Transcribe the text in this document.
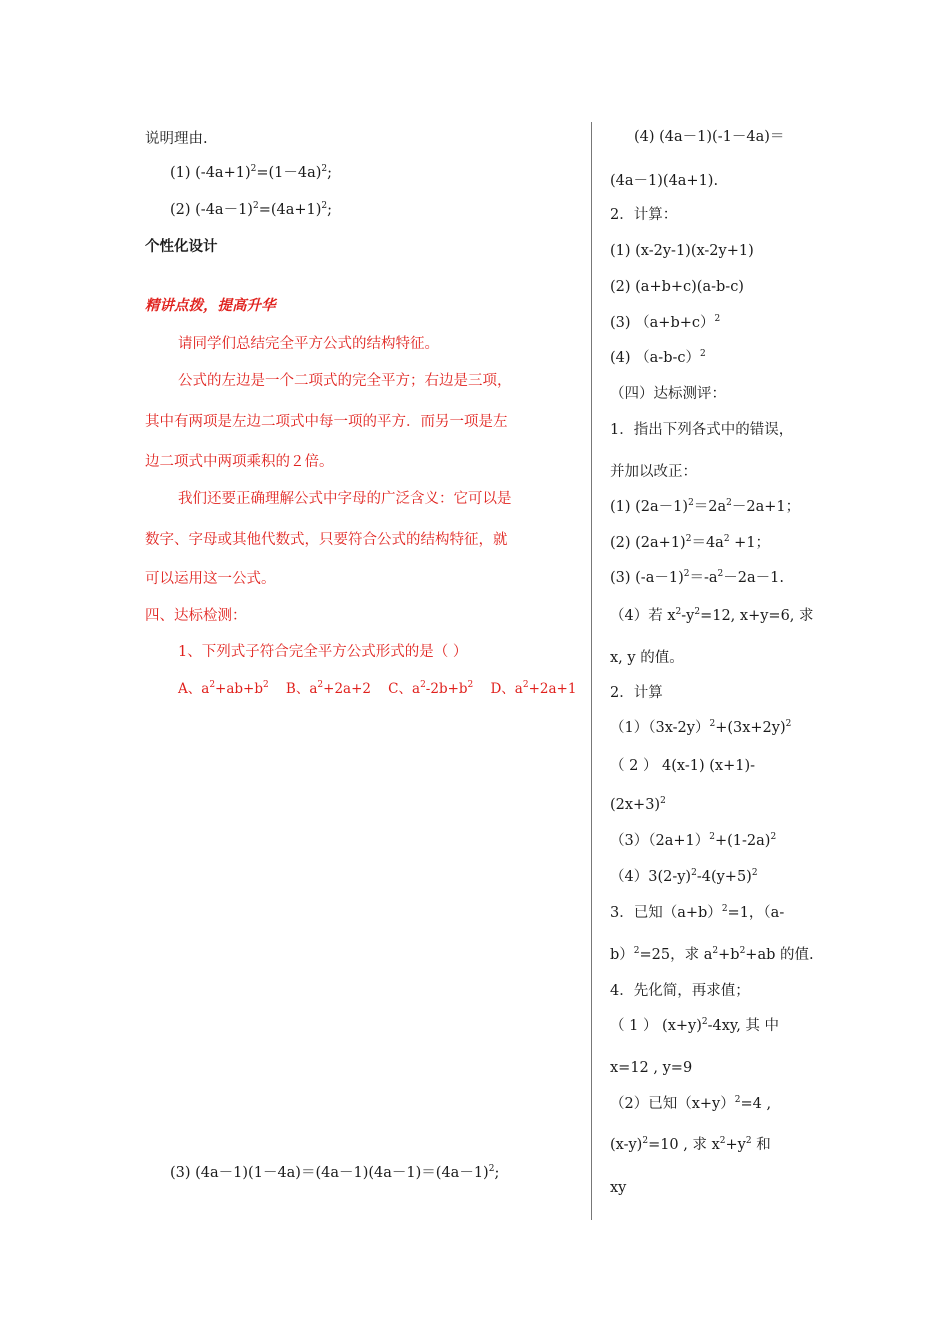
说明理由.
(1) $(-4a+1)^2=(1-4a)^2$;
(2) $(-4a-1)^2=(4a+1)^2$;
个性化设计
精讲点拨，提高升华
请同学们总结完全平方公式的结构特征。
公式的左边是一个二项式的完全平方；右边是三项，
其中有两项是左边二项式中每一项的平方．而另一项是左
边二项式中两项乘积的２倍。
我们还要正确理解公式中字母的广泛含义：它可以是
数字、字母或其他代数式，只要符合公式的结构特征，就
可以运用这一公式。
四、达标检测：
1、下列式子符合完全平方公式形式的是（ ）
A、$a^2+ab+b^2$ B、$a^2+2a+2$ C、$a^2-2b+b^2$ D、$a^2+2a+1$
(3) $(4a-1)(1-4a)=(4a-1)(4a-1)=(4a-1)^2$;
(4) (4a－1)(-1－4a)＝
(4a－1)(4a+1).
2．计算：
(1) (x-2y-1)(x-2y+1)
(2) (a+b+c)(a-b-c)
(3) $(a+b+c)^2$
(4) $(a-b-c)^2$
（四）达标测评：
1．指出下列各式中的错误，
并加以改正：
(1) $(2a-1)^2=2a^2-2a+1$；
(2) $(2a+1)^2=4a^2 +1$；
(3) $(-a-1)^2=-a^2-2a-1$.
（4）若 $x^2-y^2=12$, x+y=6, 求
x, y 的值。
2．计算
$(1)(3x-2y)^2+(3x+2y)^2$
（ 2 ） 4(x-1) (x+1)-
$(2x+3)^2$
$(3)(2a+1)^2+(1-2a)^2$
$(4)3(2-y)^2-4(y+5)^2$
3．已知$(a+b)^2=1$，（a-
b）$^2$=25，求 $a^2+b^2+ab$ 的值.
4．先化简，再求值；
（ 1 ） $(x+y)^2-4xy$, 其 中
x=12 , y=9
（2）已知$(x+y)^2=4$ ,
$(x-y)^2=10$ , 求 $x^2+y^2$ 和
xy
